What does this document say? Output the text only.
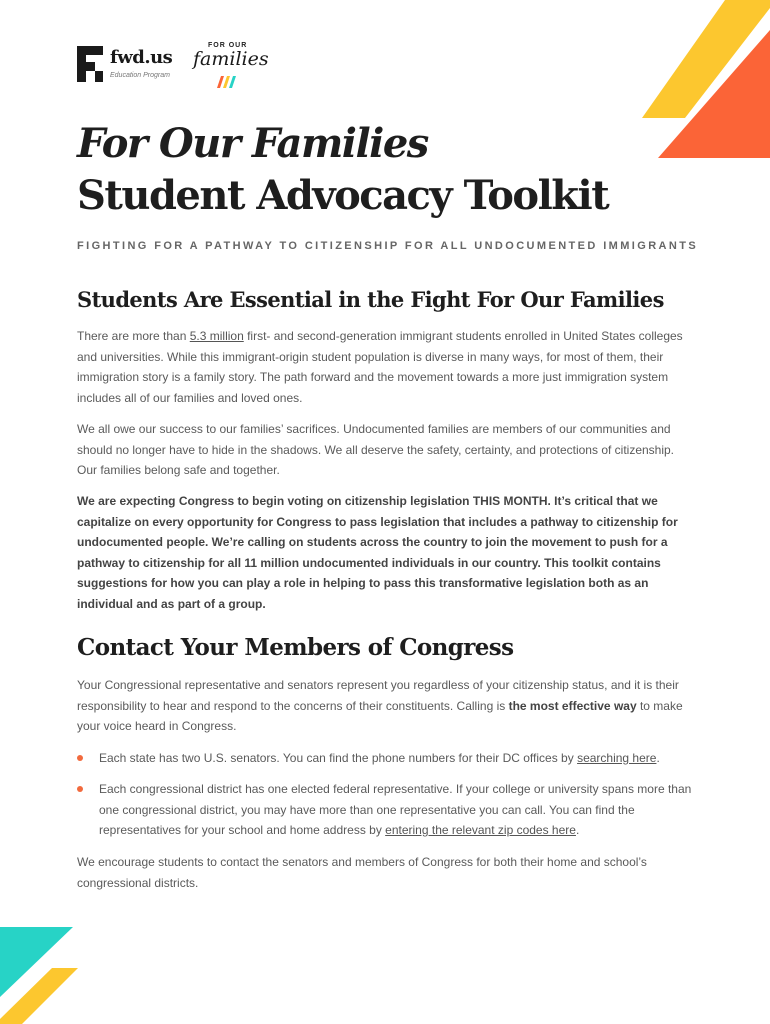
fwd.us
Education Program
FOR OUR
families
For Our Families
Student Advocacy Toolkit
FIGHTING FOR A PATHWAY TO CITIZENSHIP FOR ALL UNDOCUMENTED IMMIGRANTS
Students Are Essential in the Fight For Our Families

There are more than 5.3 million first- and second-generation immigrant students enrolled in United States colleges and universities. While this immigrant-origin student population is diverse in many ways, for most of them, their immigration story is a family story. The path forward and the movement towards a more just immigration system includes all of our families and loved ones.

We all owe our success to our families’ sacrifices. Undocumented families are members of our communities and should no longer have to hide in the shadows. We all deserve the safety, certainty, and protections of citizenship. Our families belong safe and together.

We are expecting Congress to begin voting on citizenship legislation THIS MONTH. It’s critical that we capitalize on every opportunity for Congress to pass legislation that includes a pathway to citizenship for undocumented people. We’re calling on students across the country to join the movement to push for a pathway to citizenship for all 11 million undocumented individuals in our country. This toolkit contains suggestions for how you can play a role in helping to pass this transformative legislation both as an individual and as part of a group.

Contact Your Members of Congress

Your Congressional representative and senators represent you regardless of your citizenship status, and it is their responsibility to hear and respond to the concerns of their constituents. Calling is the most effective way to make your voice heard in Congress.

Each state has two U.S. senators. You can find the phone numbers for their DC offices by searching here.

Each congressional district has one elected federal representative. If your college or university spans more than one congressional district, you may have more than one representative you can call. You can find the representatives for your school and home address by entering the relevant zip codes here.

We encourage students to contact the senators and members of Congress for both their home and school’s congressional districts.
